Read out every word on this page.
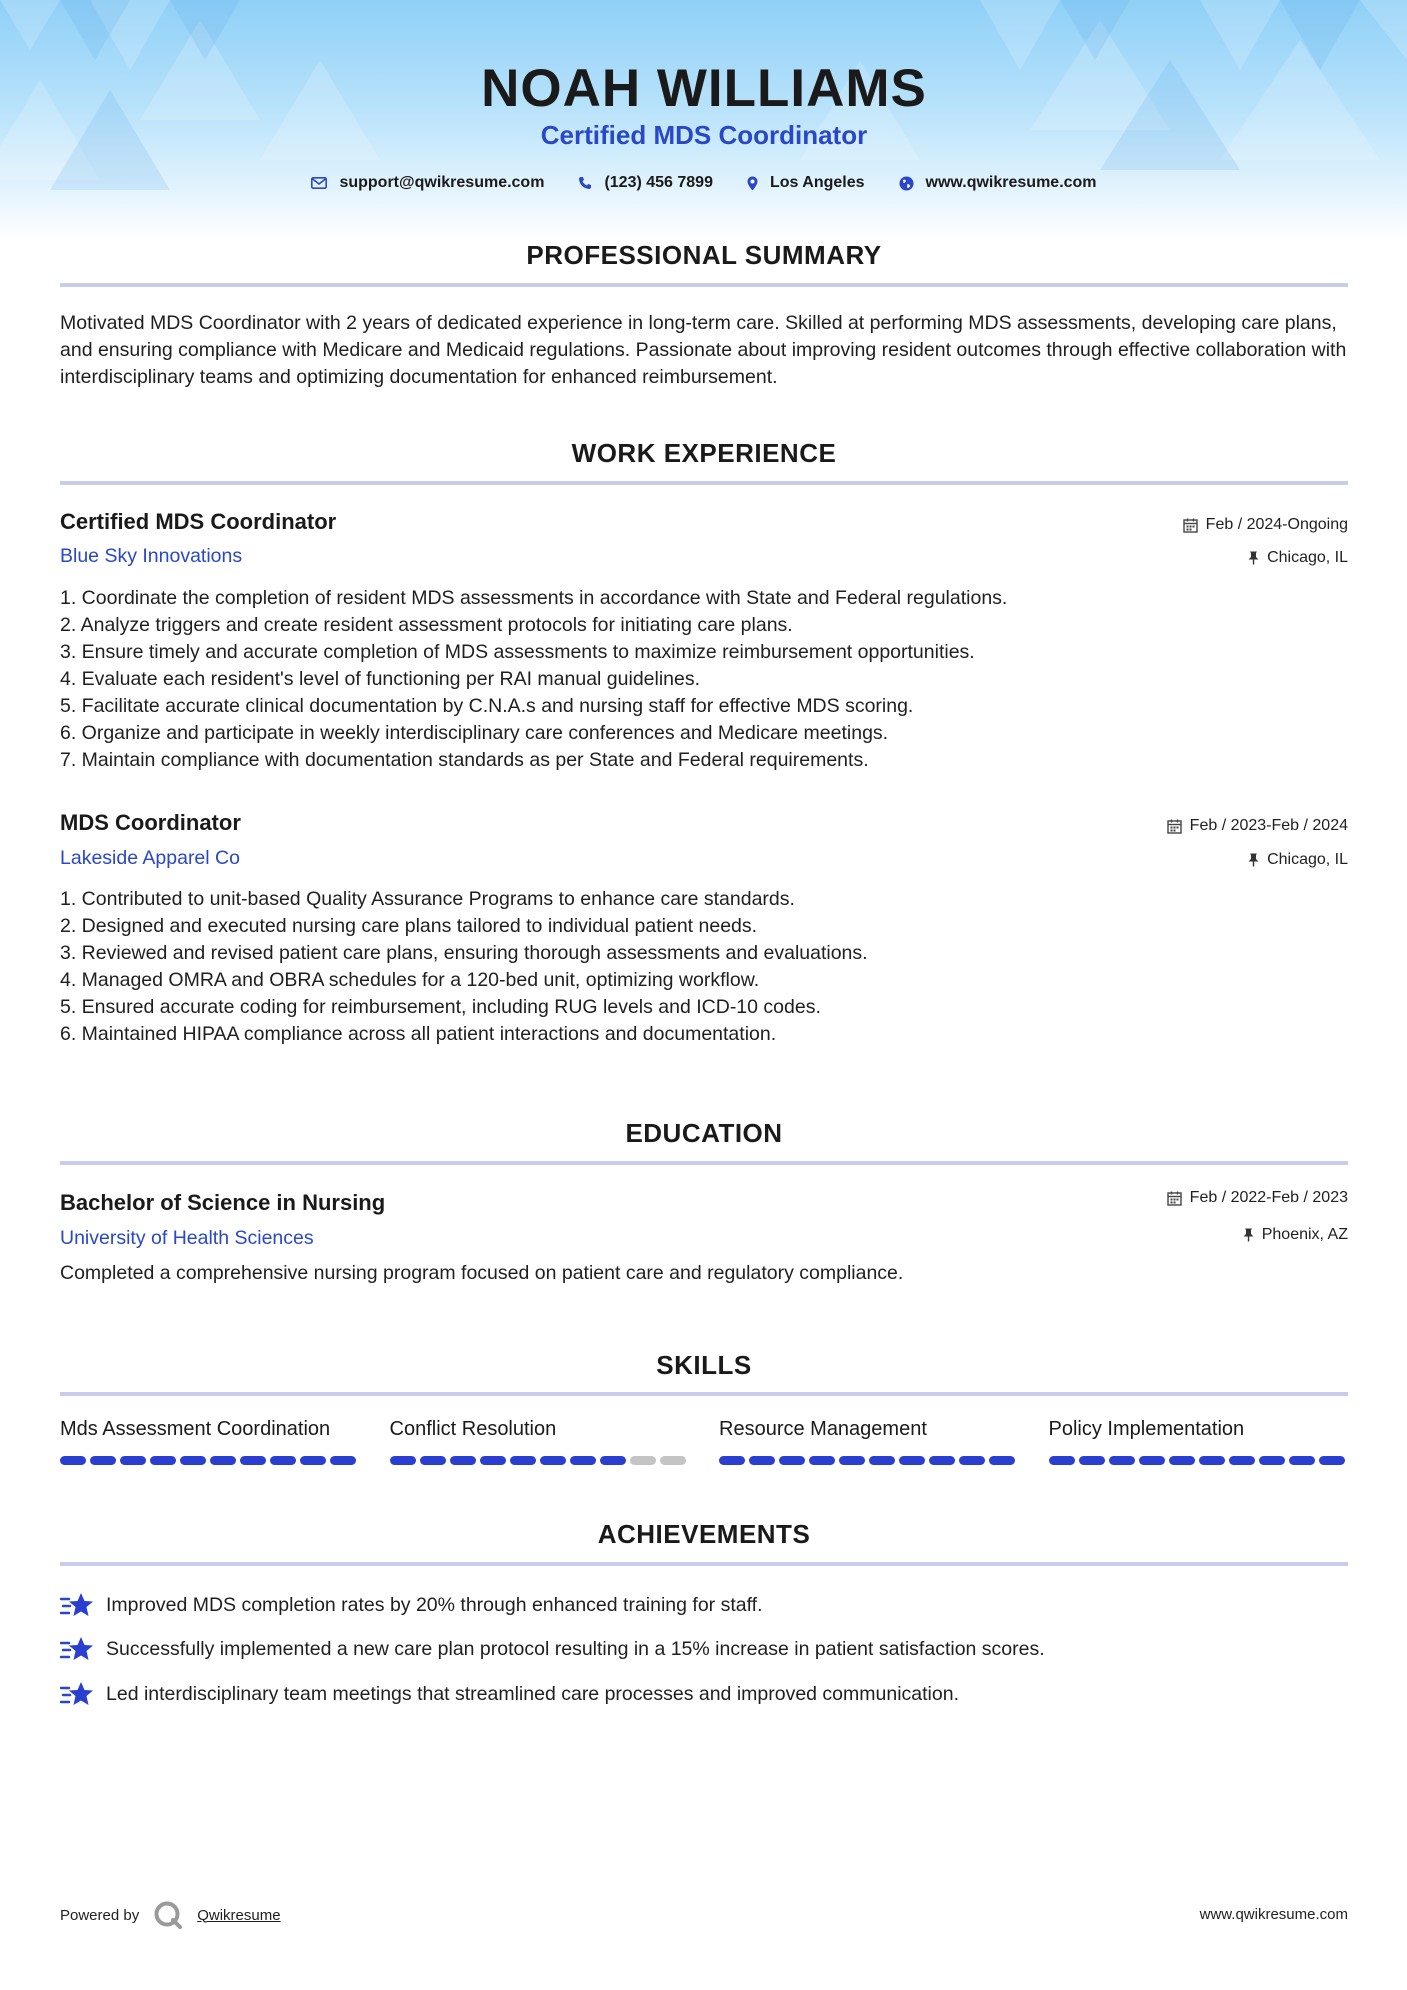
NOAH WILLIAMS
Certified MDS Coordinator
support@qwikresume.com	(123) 456 7899	Los Angeles	www.qwikresume.com
PROFESSIONAL SUMMARY
Motivated MDS Coordinator with 2 years of dedicated experience in long-term care. Skilled at performing MDS assessments, developing care plans, and ensuring compliance with Medicare and Medicaid regulations. Passionate about improving resident outcomes through effective collaboration with interdisciplinary teams and optimizing documentation for enhanced reimbursement.
WORK EXPERIENCE
Certified MDS Coordinator
Blue Sky Innovations
Feb / 2024-Ongoing
Chicago, IL
1. Coordinate the completion of resident MDS assessments in accordance with State and Federal regulations.
2. Analyze triggers and create resident assessment protocols for initiating care plans.
3. Ensure timely and accurate completion of MDS assessments to maximize reimbursement opportunities.
4. Evaluate each resident's level of functioning per RAI manual guidelines.
5. Facilitate accurate clinical documentation by C.N.A.s and nursing staff for effective MDS scoring.
6. Organize and participate in weekly interdisciplinary care conferences and Medicare meetings.
7. Maintain compliance with documentation standards as per State and Federal requirements.
MDS Coordinator
Lakeside Apparel Co
Feb / 2023-Feb / 2024
Chicago, IL
1. Contributed to unit-based Quality Assurance Programs to enhance care standards.
2. Designed and executed nursing care plans tailored to individual patient needs.
3. Reviewed and revised patient care plans, ensuring thorough assessments and evaluations.
4. Managed OMRA and OBRA schedules for a 120-bed unit, optimizing workflow.
5. Ensured accurate coding for reimbursement, including RUG levels and ICD-10 codes.
6. Maintained HIPAA compliance across all patient interactions and documentation.
EDUCATION
Bachelor of Science in Nursing
University of Health Sciences
Feb / 2022-Feb / 2023
Phoenix, AZ
Completed a comprehensive nursing program focused on patient care and regulatory compliance.
SKILLS
Mds Assessment Coordination	Conflict Resolution	Resource Management	Policy Implementation
ACHIEVEMENTS
Improved MDS completion rates by 20% through enhanced training for staff.
Successfully implemented a new care plan protocol resulting in a 15% increase in patient satisfaction scores.
Led interdisciplinary team meetings that streamlined care processes and improved communication.
Powered by	Qwikresume	www.qwikresume.com
